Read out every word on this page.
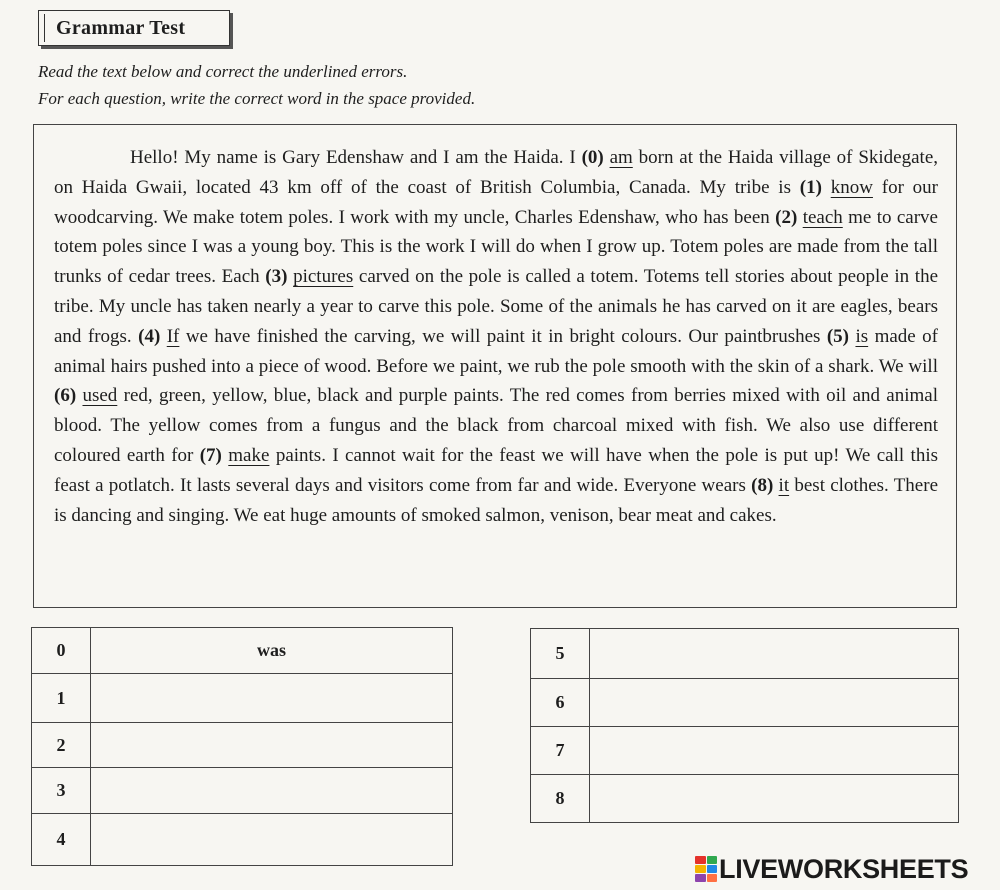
Grammar Test
Read the text below and correct the underlined errors.
For each question, write the correct word in the space provided.

Hello! My name is Gary Edenshaw and I am the Haida. I (0) am born at the Haida village of Skidegate, on Haida Gwaii, located 43 km off of the coast of British Columbia, Canada. My tribe is (1) know for our woodcarving. We make totem poles. I work with my uncle, Charles Edenshaw, who has been (2) teach me to carve totem poles since I was a young boy. This is the work I will do when I grow up. Totem poles are made from the tall trunks of cedar trees. Each (3) pictures carved on the pole is called a totem. Totems tell stories about people in the tribe. My uncle has taken nearly a year to carve this pole. Some of the animals he has carved on it are eagles, bears and frogs. (4) If we have finished the carving, we will paint it in bright colours. Our paintbrushes (5) is made of animal hairs pushed into a piece of wood. Before we paint, we rub the pole smooth with the skin of a shark. We will (6) used red, green, yellow, blue, black and purple paints. The red comes from berries mixed with oil and animal blood. The yellow comes from a fungus and the black from charcoal mixed with fish. We also use different coloured earth for (7) make paints. I cannot wait for the feast we will have when the pole is put up! We call this feast a potlatch. It lasts several days and visitors come from far and wide. Everyone wears (8) it best clothes. There is dancing and singing. We eat huge amounts of smoked salmon, venison, bear meat and cakes.

0	was
1	
2	
3	
4	
5	
6	
7	
8	
LIVEWORKSHEETS
